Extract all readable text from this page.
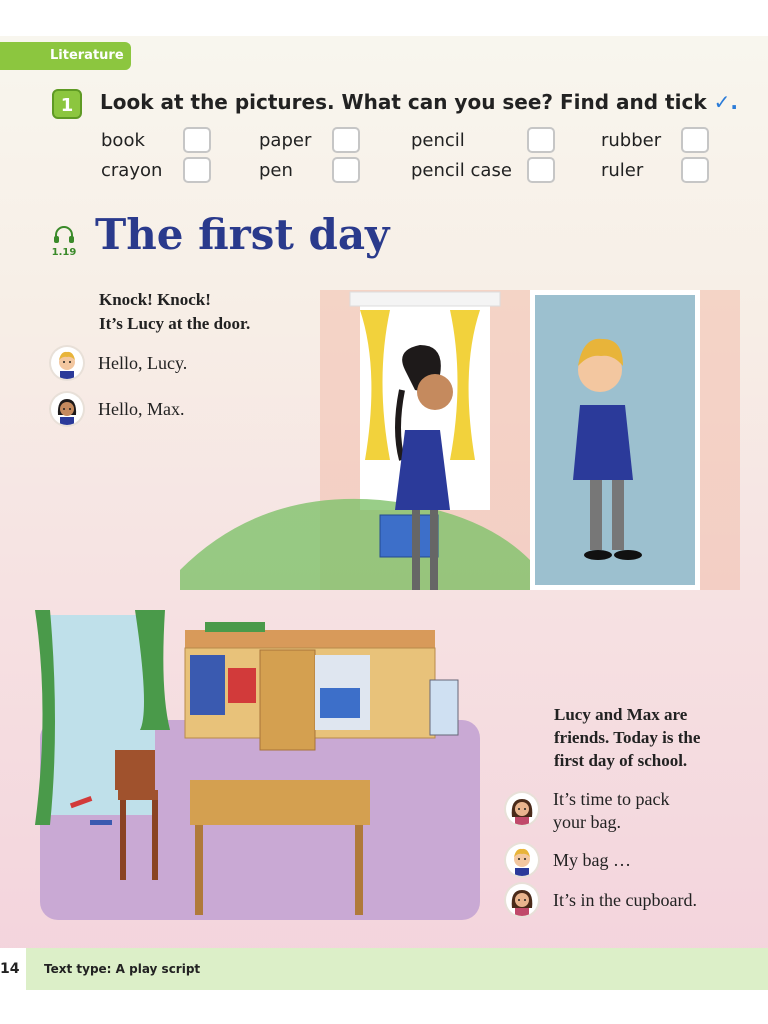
Literature
1	Look at the pictures. What can you see? Find and tick ✓.
book	paper	pencil	rubber
crayon	pen	pencil case	ruler
1.19 The first day
Knock! Knock!
It’s Lucy at the door.
Hello, Lucy.
Hello, Max.
Lucy and Max are
friends. Today is the
first day of school.
It’s time to pack
your bag.
My bag …
It’s in the cupboard.
14	Text type: A play script
